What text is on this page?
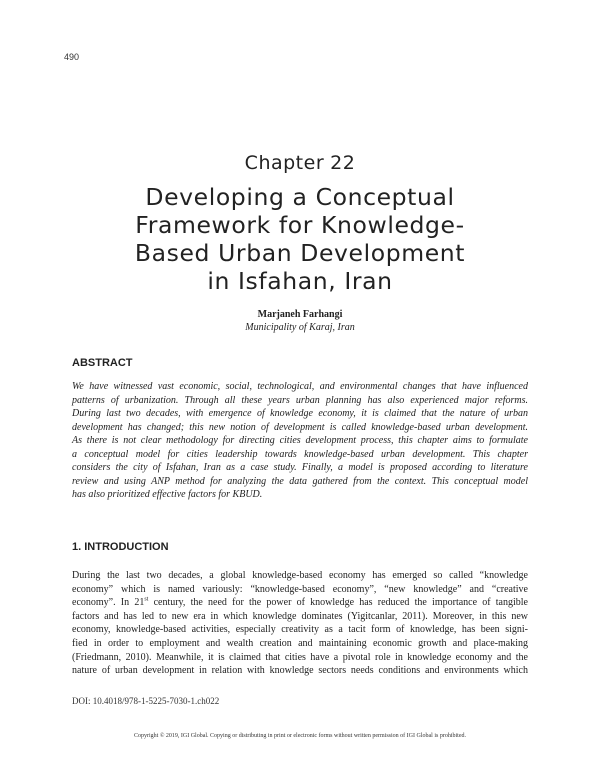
490
Chapter 22
Developing a Conceptual
Framework for Knowledge-
Based Urban Development
in Isfahan, Iran
Marjaneh Farhangi
Municipality of Karaj, Iran
ABSTRACT
We have witnessed vast economic, social, technological, and environmental changes that have influenced
patterns of urbanization. Through all these years urban planning has also experienced major reforms.
During last two decades, with emergence of knowledge economy, it is claimed that the nature of urban
development has changed; this new notion of development is called knowledge-based urban development.
As there is not clear methodology for directing cities development process, this chapter aims to formulate
a conceptual model for cities leadership towards knowledge-based urban development. This chapter
considers the city of Isfahan, Iran as a case study. Finally, a model is proposed according to literature
review and using ANP method for analyzing the data gathered from the context. This conceptual model
has also prioritized effective factors for KBUD.
1. INTRODUCTION
During the last two decades, a global knowledge-based economy has emerged so called “knowledge
economy” which is named variously: “knowledge-based economy”, “new knowledge” and “creative
economy”. In 21st century, the need for the power of knowledge has reduced the importance of tangible
factors and has led to new era in which knowledge dominates (Yigitcanlar, 2011). Moreover, in this new
economy, knowledge-based activities, especially creativity as a tacit form of knowledge, has been signi-
fied in order to employment and wealth creation and maintaining economic growth and place-making
(Friedmann, 2010). Meanwhile, it is claimed that cities have a pivotal role in knowledge economy and the
nature of urban development in relation with knowledge sectors needs conditions and environments which
DOI: 10.4018/978-1-5225-7030-1.ch022
Copyright © 2019, IGI Global. Copying or distributing in print or electronic forms without written permission of IGI Global is prohibited.
